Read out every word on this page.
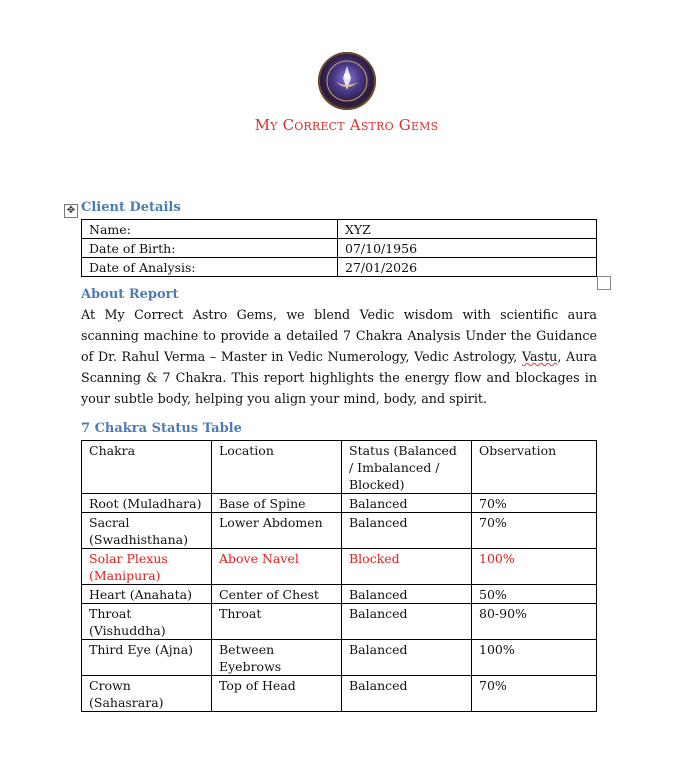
My Correct Astro Gems
✥ Client Details
Name:	XYZ
Date of Birth:	07/10/1956
Date of Analysis:	27/01/2026
About Report
At My Correct Astro Gems, we blend Vedic wisdom with scientific aura scanning machine to provide a detailed 7 Chakra Analysis Under the Guidance of Dr. Rahul Verma – Master in Vedic Numerology, Vedic Astrology, Vastu, Aura Scanning & 7 Chakra. This report highlights the energy flow and blockages in your subtle body, helping you align your mind, body, and spirit.
7 Chakra Status Table
Chakra	Location	Status (Balanced / Imbalanced / Blocked)	Observation
Root (Muladhara)	Base of Spine	Balanced	70%
Sacral (Swadhisthana)	Lower Abdomen	Balanced	70%
Solar Plexus (Manipura)	Above Navel	Blocked	100%
Heart (Anahata)	Center of Chest	Balanced	50%
Throat (Vishuddha)	Throat	Balanced	80-90%
Third Eye (Ajna)	Between Eyebrows	Balanced	100%
Crown (Sahasrara)	Top of Head	Balanced	70%
